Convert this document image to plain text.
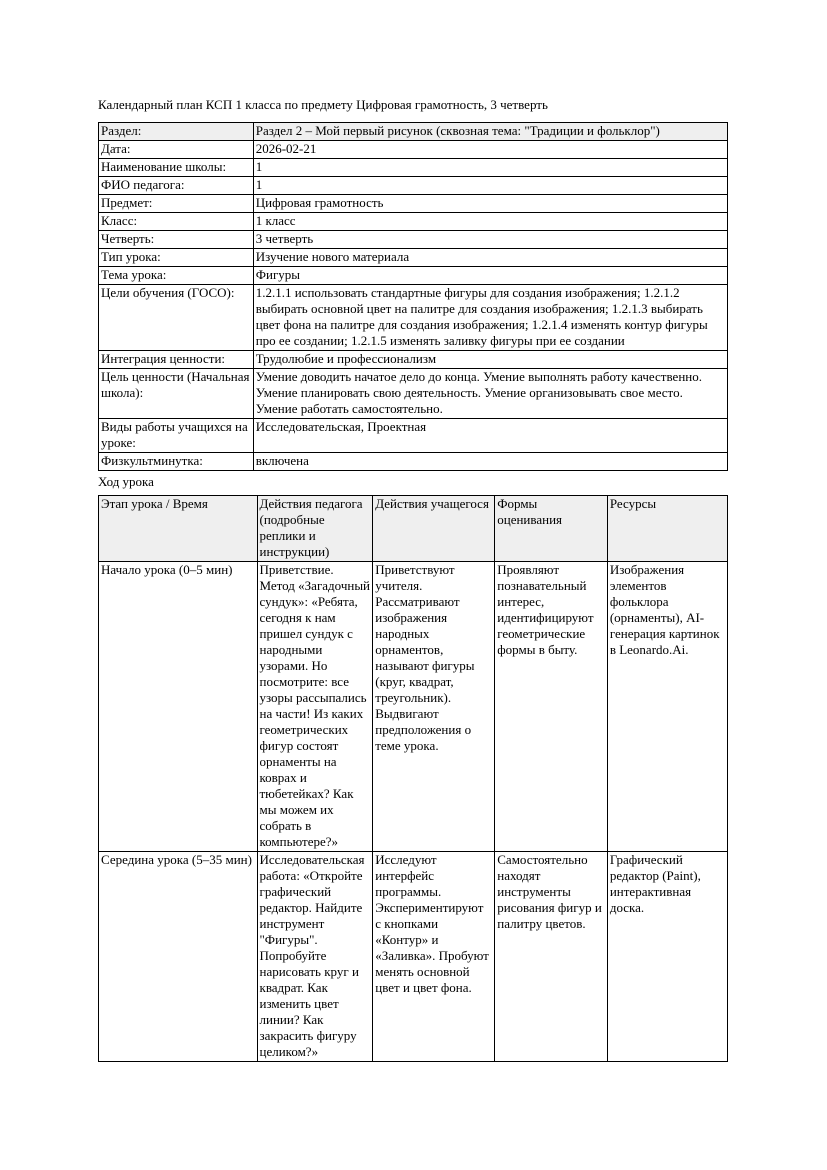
Календарный план КСП 1 класса по предмету Цифровая грамотность, 3 четверть

Раздел:	Раздел 2 – Мой первый рисунок (сквозная тема: "Традиции и фольклор")
Дата:	2026-02-21
Наименование школы:	1
ФИО педагога:	1
Предмет:	Цифровая грамотность
Класс:	1 класс
Четверть:	3 четверть
Тип урока:	Изучение нового материала
Тема урока:	Фигуры
Цели обучения (ГОСО):	1.2.1.1 использовать стандартные фигуры для создания изображения; 1.2.1.2 выбирать основной цвет на палитре для создания изображения; 1.2.1.3 выбирать цвет фона на палитре для создания изображения; 1.2.1.4 изменять контур фигуры про ее создании; 1.2.1.5 изменять заливку фигуры при ее создании
Интеграция ценности:	Трудолюбие и профессионализм
Цель ценности (Начальная школа):	Умение доводить начатое дело до конца. Умение выполнять работу качественно. Умение планировать свою деятельность. Умение организовывать свое место. Умение работать самостоятельно.
Виды работы учащихся на уроке:	Исследовательская, Проектная
Физкультминутка:	включена

Ход урока

Этап урока / Время	Действия педагога (подробные реплики и инструкции)	Действия учащегося	Формы оценивания	Ресурсы
Начало урока (0–5 мин)	Приветствие. Метод «Загадочный сундук»: «Ребята, сегодня к нам пришел сундук с народными узорами. Но посмотрите: все узоры рассыпались на части! Из каких геометрических фигур состоят орнаменты на коврах и тюбетейках? Как мы можем их собрать в компьютере?»	Приветствуют учителя. Рассматривают изображения народных орнаментов, называют фигуры (круг, квадрат, треугольник). Выдвигают предположения о теме урока.	Проявляют познавательный интерес, идентифицируют геометрические формы в быту.	Изображения элементов фольклора (орнаменты), AI-генерация картинок в Leonardo.Ai.
Середина урока (5–35 мин)	Исследовательская работа: «Откройте графический редактор. Найдите инструмент "Фигуры". Попробуйте нарисовать круг и квадрат. Как изменить цвет линии? Как закрасить фигуру целиком?»	Исследуют интерфейс программы. Экспериментируют с кнопками «Контур» и «Заливка». Пробуют менять основной цвет и цвет фона.	Самостоятельно находят инструменты рисования фигур и палитру цветов.	Графический редактор (Paint), интерактивная доска.
